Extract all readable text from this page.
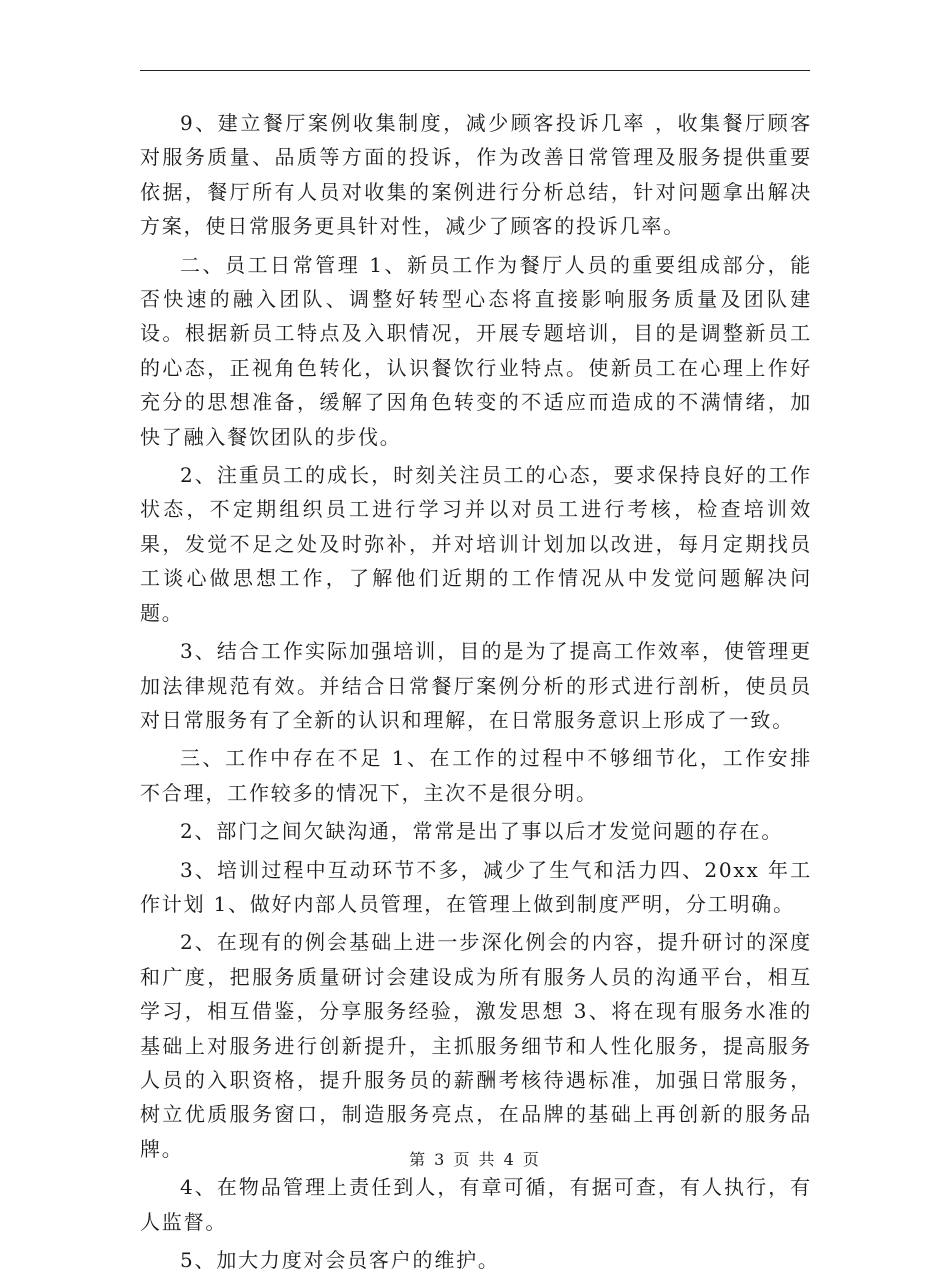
9、建立餐厅案例收集制度，减少顾客投诉几率 ，收集餐厅顾客对服务质量、品质等方面的投诉，作为改善日常管理及服务提供重要依据，餐厅所有人员对收集的案例进行分析总结，针对问题拿出解决方案，使日常服务更具针对性，减少了顾客的投诉几率。

二、员工日常管理 1、新员工作为餐厅人员的重要组成部分，能否快速的融入团队、调整好转型心态将直接影响服务质量及团队建设。根据新员工特点及入职情况，开展专题培训，目的是调整新员工的心态，正视角色转化，认识餐饮行业特点。使新员工在心理上作好充分的思想准备，缓解了因角色转变的不适应而造成的不满情绪，加快了融入餐饮团队的步伐。

2、注重员工的成长，时刻关注员工的心态，要求保持良好的工作状态，不定期组织员工进行学习并以对员工进行考核，检查培训效果，发觉不足之处及时弥补，并对培训计划加以改进，每月定期找员工谈心做思想工作，了解他们近期的工作情况从中发觉问题解决问题。

3、结合工作实际加强培训，目的是为了提高工作效率，使管理更加法律规范有效。并结合日常餐厅案例分析的形式进行剖析，使员员对日常服务有了全新的认识和理解，在日常服务意识上形成了一致。

三、工作中存在不足 1、在工作的过程中不够细节化，工作安排不合理，工作较多的情况下，主次不是很分明。

2、部门之间欠缺沟通，常常是出了事以后才发觉问题的存在。

3、培训过程中互动环节不多，减少了生气和活力四、20xx 年工作计划 1、做好内部人员管理，在管理上做到制度严明，分工明确。

2、在现有的例会基础上进一步深化例会的内容，提升研讨的深度和广度，把服务质量研讨会建设成为所有服务人员的沟通平台，相互学习，相互借鉴，分享服务经验，激发思想 3、将在现有服务水准的基础上对服务进行创新提升，主抓服务细节和人性化服务，提高服务人员的入职资格，提升服务员的薪酬考核待遇标准，加强日常服务，树立优质服务窗口，制造服务亮点，在品牌的基础上再创新的服务品牌。

4、在物品管理上责任到人，有章可循，有据可查，有人执行，有人监督。

5、加大力度对会员客户的维护。

第 3 页 共 4 页
